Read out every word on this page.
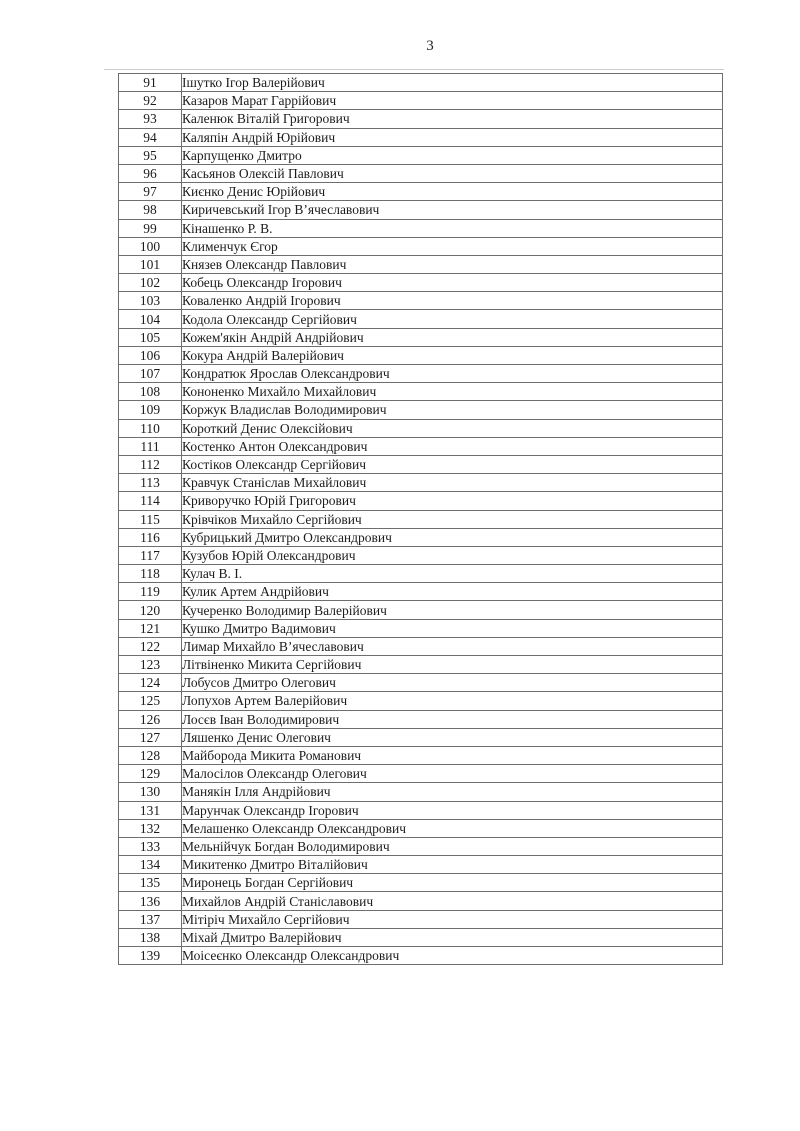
3
91	Ішутко Ігор Валерійович
92	Казаров Марат Гаррійович
93	Каленюк Віталій Григорович
94	Каляпін Андрій Юрійович
95	Карпущенко Дмитро
96	Касьянов Олексій Павлович
97	Києнко Денис Юрійович
98	Киричевський Ігор В’ячеславович
99	Кінашенко Р. В.
100	Клименчук Єгор
101	Князев Олександр Павлович
102	Кобець Олександр Ігорович
103	Коваленко Андрій Ігорович
104	Кодола Олександр Сергійович
105	Кожем'якін Андрій Андрійович
106	Кокура Андрій Валерійович
107	Кондратюк Ярослав Олександрович
108	Кононенко Михайло Михайлович
109	Коржук Владислав Володимирович
110	Короткий Денис Олексійович
111	Костенко Антон Олександрович
112	Костіков Олександр Сергійович
113	Кравчук Станіслав Михайлович
114	Криворучко Юрій Григорович
115	Крівчіков Михайло Сергійович
116	Кубрицький Дмитро Олександрович
117	Кузубов Юрій Олександрович
118	Кулач В. І.
119	Кулик Артем Андрійович
120	Кучеренко Володимир Валерійович
121	Кушко Дмитро Вадимович
122	Лимар Михайло В’ячеславович
123	Літвіненко Микита Сергійович
124	Лобусов Дмитро Олегович
125	Лопухов Артем Валерійович
126	Лосєв Іван Володимирович
127	Ляшенко Денис Олегович
128	Майборода Микита Романович
129	Малосілов Олександр Олегович
130	Манякін Ілля Андрійович
131	Марунчак Олександр Ігорович
132	Мелашенко Олександр Олександрович
133	Мельнійчук Богдан Володимирович
134	Микитенко Дмитро Віталійович
135	Миронець Богдан Сергійович
136	Михайлов Андрій Станіславович
137	Мітіріч Михайло Сергійович
138	Міхай Дмитро Валерійович
139	Моісеєнко Олександр Олександрович
